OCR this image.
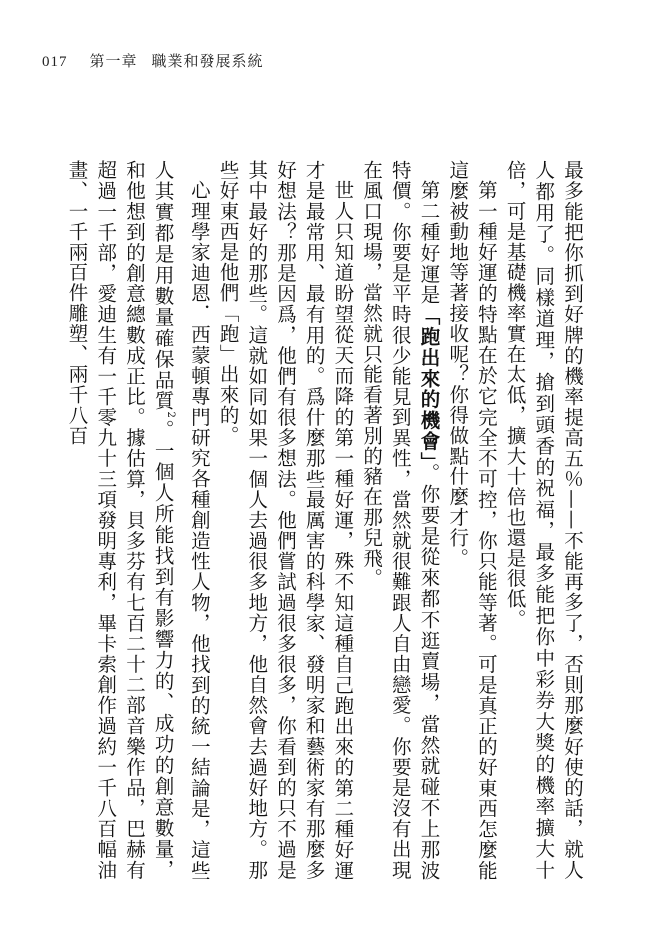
017 第一章 職業和發展系統

最多能把你抓到好牌的機率提高五％——不能再多了，否則那麼好使的話，就人人都用了。同樣道理，搶到頭香的祝福，最多能把你中彩券大獎的機率擴大十倍，可是基礎機率實在太低，擴大十倍也還是很低。

第一種好運的特點在於它完全不可控，你只能等著。可是真正的好東西怎麼能這麼被動地等著接收呢？你得做點什麼才行。

第二種好運是「跑出來的機會」。你要是從來都不逛賣場，當然就碰不上那波特價。你要是平時很少能見到異性，當然就很難跟人自由戀愛。你要是沒有出現在風口現場，當然就只能看著別的豬在那兒飛。

世人只知道盼望從天而降的第一種好運，殊不知這種自己跑出來的第二種好運才是最常用、最有用的。爲什麼那些最厲害的科學家、發明家和藝術家有那麼多好想法？那是因爲，他們有很多想法。他們嘗試過很多很多，你看到的只不過是其中最好的那些。這就如同如果一個人去過很多地方，他自然會去過好地方。那些好東西是他們「跑」出來的。

心理學家迪恩．西蒙頓專門研究各種創造性人物，他找到的統一結論是，這些人其實都是用數量確保品質$^2$。一個人所能找到有影響力的、成功的創意數量，和他想到的創意總數成正比。據估算，貝多芬有七百二十二部音樂作品，巴赫有超過一千部，愛迪生有一千零九十三項發明專利，畢卡索創作過約一千八百幅油畫、一千兩百件雕塑、兩千八百
